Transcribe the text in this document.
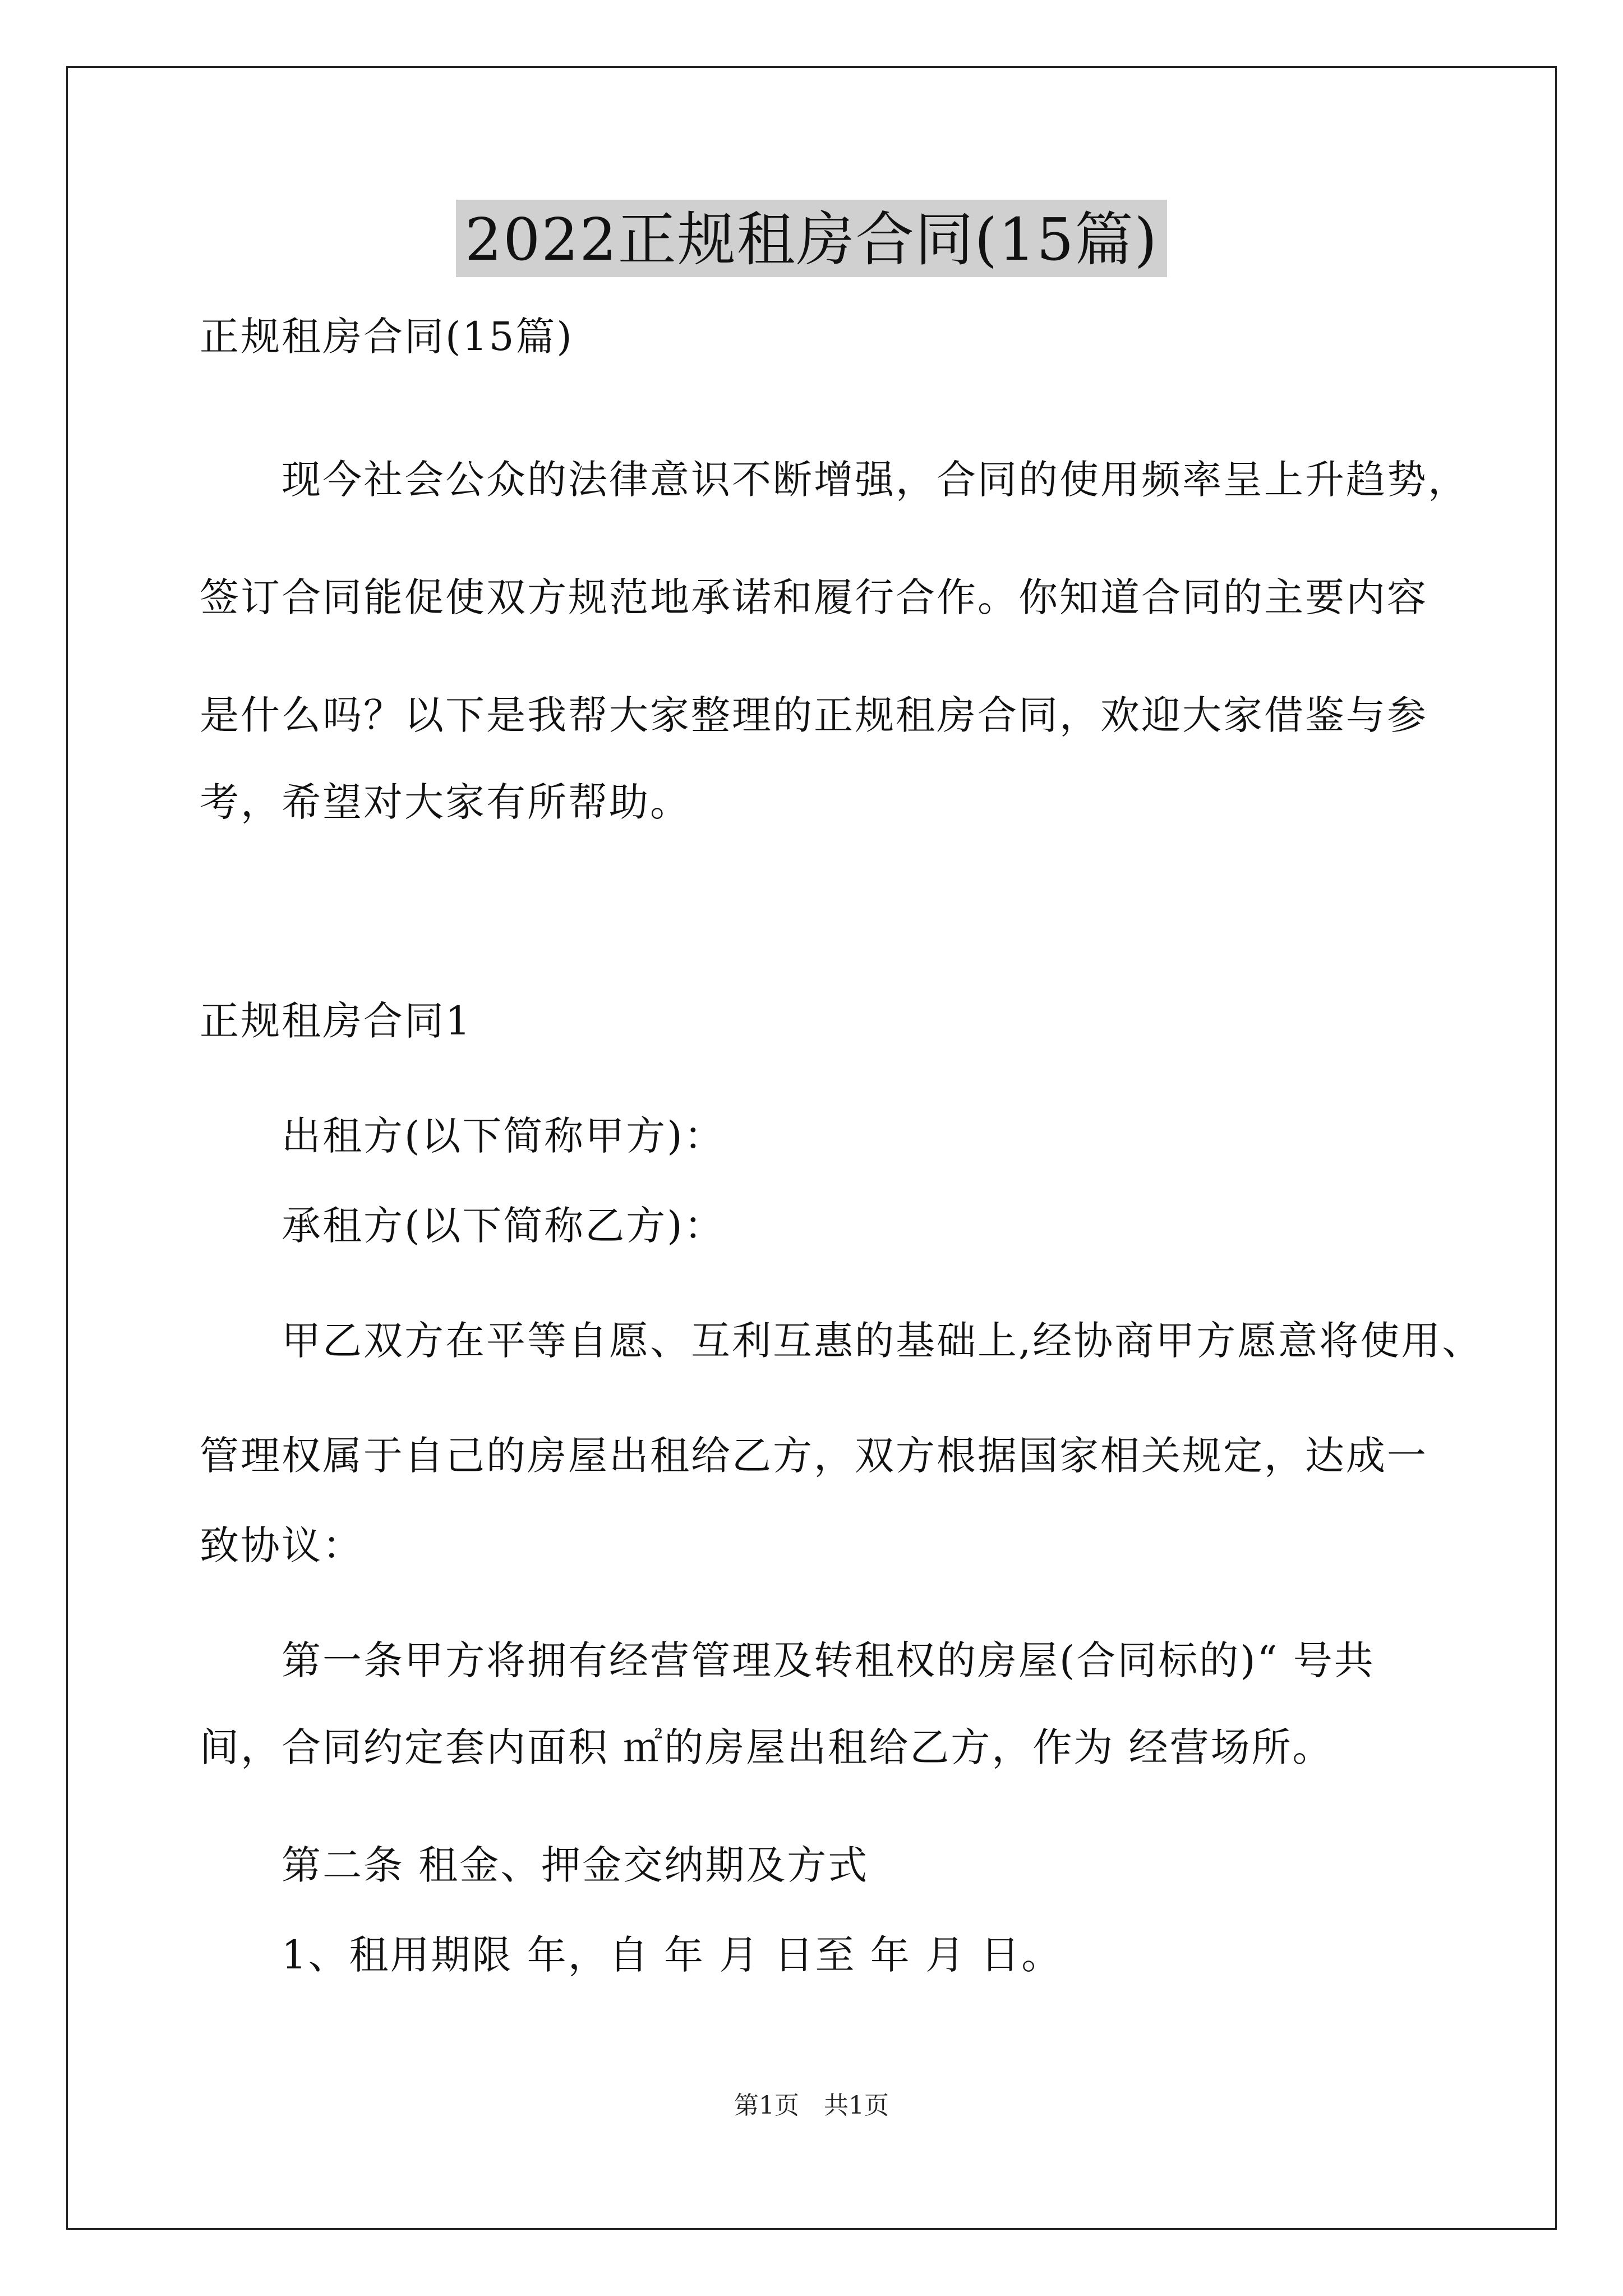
2022正规租房合同(15篇)
正规租房合同(15篇)
现今社会公众的法律意识不断增强，合同的使用频率呈上升趋势，
签订合同能促使双方规范地承诺和履行合作。你知道合同的主要内容
是什么吗？以下是我帮大家整理的正规租房合同，欢迎大家借鉴与参
考，希望对大家有所帮助。
正规租房合同1
出租方(以下简称甲方)：
承租方(以下简称乙方)：
甲乙双方在平等自愿、互利互惠的基础上,经协商甲方愿意将使用、
管理权属于自己的房屋出租给乙方，双方根据国家相关规定，达成一
致协议：
第一条甲方将拥有经营管理及转租权的房屋(合同标的)“ 号共
间，合同约定套内面积 ㎡的房屋出租给乙方，作为 经营场所。
第二条 租金、押金交纳期及方式
1、租用期限 年，自 年 月 日至 年 月 日。
第1页　共1页
